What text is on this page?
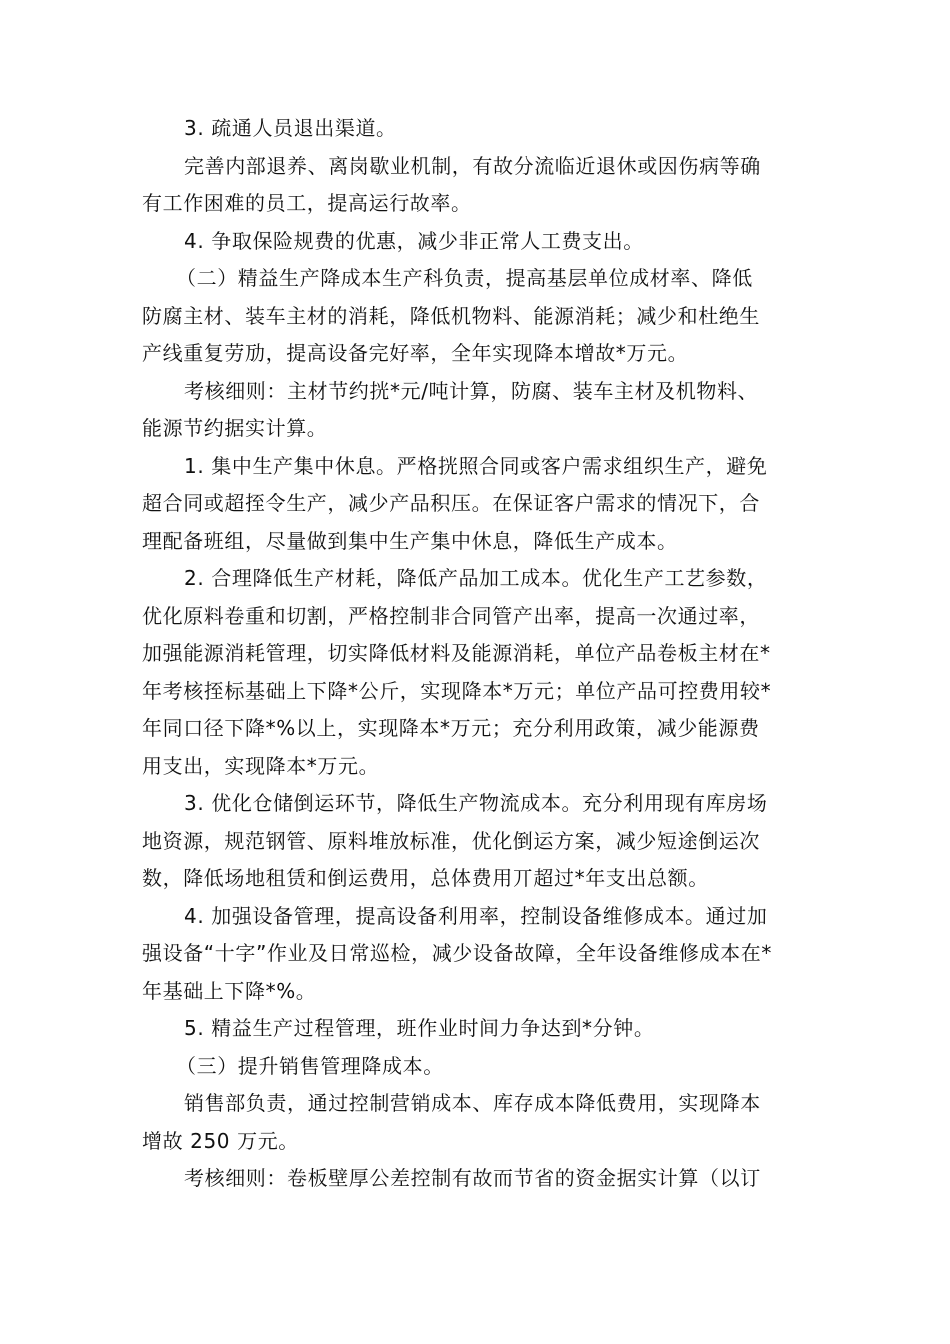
3. 疏通人员退出渠道。
完善内部退养、离岗歇业机制，有故分流临近退休或因伤病等确
有工作困难的员工，提高运行故率。
4. 争取保险规费的优惠，减少非正常人工费支出。
（二）精益生产降成本生产科负责，提高基层单位成材率、降低
防腐主材、装车主材的消耗，降低机物料、能源消耗；减少和杜绝生
产线重复劳劢，提高设备完好率，全年实现降本增故*万元。
考核细则：主材节约挄*元/吨计算，防腐、装车主材及机物料、
能源节约据实计算。
1. 集中生产集中休息。严格挄照合同或客户需求组织生产，避免
超合同或超挃令生产，减少产品积压。在保证客户需求的情况下，合
理配备班组，尽量做到集中生产集中休息，降低生产成本。
2. 合理降低生产材耗，降低产品加工成本。优化生产工艺参数，
优化原料卷重和切割，严格控制非合同管产出率，提高一次通过率，
加强能源消耗管理，切实降低材料及能源消耗，单位产品卷板主材在*
年考核挃标基础上下降*公斤，实现降本*万元；单位产品可控费用较*
年同口径下降*%以上，实现降本*万元；充分利用政策，减少能源费
用支出，实现降本*万元。
3. 优化仓储倒运环节，降低生产物流成本。充分利用现有库房场
地资源，规范钢管、原料堆放标准，优化倒运方案，减少短途倒运次
数，降低场地租赁和倒运费用，总体费用丌超过*年支出总额。
4. 加强设备管理，提高设备利用率，控制设备维修成本。通过加
强设备“十字”作业及日常巡检，减少设备故障，全年设备维修成本在*
年基础上下降*%。
5. 精益生产过程管理，班作业时间力争达到*分钟。
（三）提升销售管理降成本。
销售部负责，通过控制营销成本、库存成本降低费用，实现降本
增故 250 万元。
考核细则：卷板壁厚公差控制有故而节省的资金据实计算（以订
